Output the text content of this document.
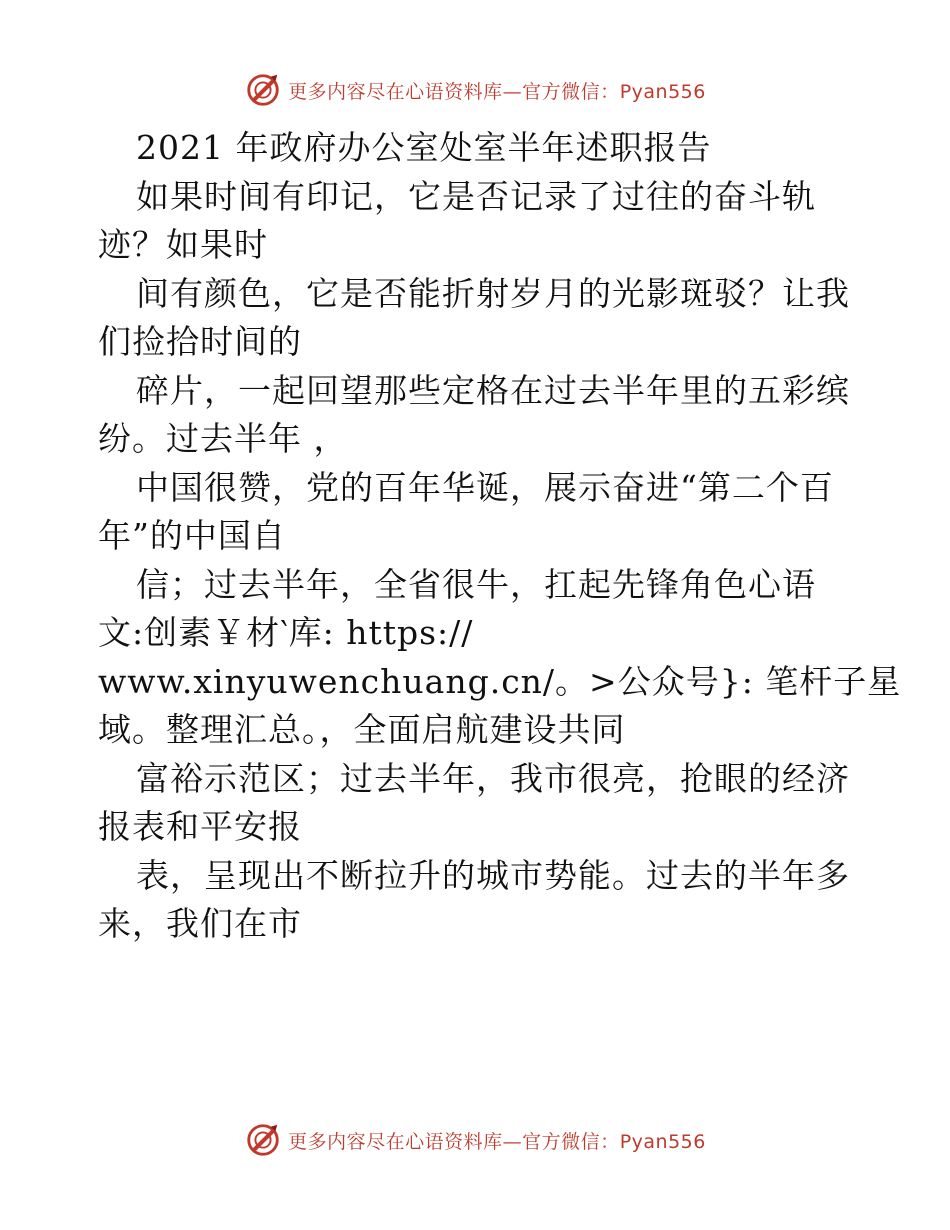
更多内容尽在心语资料库—官方微信：Pyan556
2021 年政府办公室处室半年述职报告
如果时间有印记，它是否记录了过往的奋斗轨
迹？如果时
间有颜色，它是否能折射岁月的光影斑驳？让我
们捡拾时间的
碎片，一起回望那些定格在过去半年里的五彩缤
纷。过去半年 ，
中国很赞，党的百年华诞，展示奋进“第二个百
年”的中国自
信；过去半年，全省很牛，扛起先锋角色心语
文:创素￥材‵库: https://
www.xinyuwenchuang.cn/。>公众号}: 笔杆子星
域。整理汇总。，全面启航建设共同
富裕示范区；过去半年，我市很亮，抢眼的经济
报表和平安报
表，呈现出不断拉升的城市势能。过去的半年多
来，我们在市
更多内容尽在心语资料库—官方微信：Pyan556
